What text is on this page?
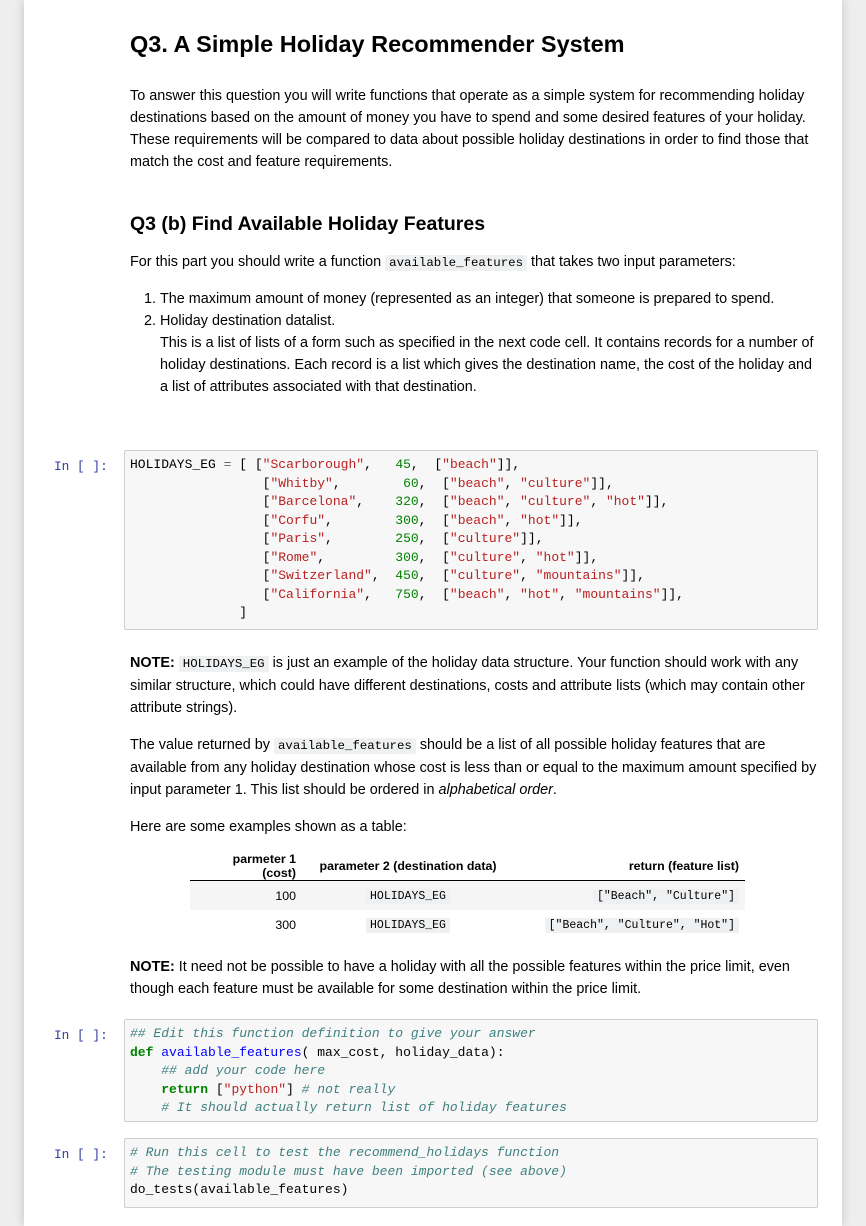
Q3. A Simple Holiday Recommender System

To answer this question you will write functions that operate as a simple system for recommending holiday destinations based on the amount of money you have to spend and some desired features of your holiday. These requirements will be compared to data about possible holiday destinations in order to find those that match the cost and feature requirements.

Q3 (b) Find Available Holiday Features

For this part you should write a function available_features that takes two input parameters:

1. The maximum amount of money (represented as an integer) that someone is prepared to spend.
2. Holiday destination datalist.
This is a list of lists of a form such as specified in the next code cell. It contains records for a number of holiday destinations. Each record is a list which gives the destination name, the cost of the holiday and a list of attributes associated with that destination.
In [ ]:	HOLIDAYS_EG = [ ["Scarborough",   45,  ["beach"]],
["Whitby",        60,  ["beach", "culture"]],
["Barcelona",    320,  ["beach", "culture", "hot"]],
["Corfu",        300,  ["beach", "hot"]],
["Paris",        250,  ["culture"]],
["Rome",         300,  ["culture", "hot"]],
["Switzerland",  450,  ["culture", "mountains"]],
["California",   750,  ["beach", "hot", "mountains"]],
]

NOTE: HOLIDAYS_EG is just an example of the holiday data structure. Your function should work with any similar structure, which could have different destinations, costs and attribute lists (which may contain other attribute strings).

The value returned by available_features should be a list of all possible holiday features that are available from any holiday destination whose cost is less than or equal to the maximum amount specified by input parameter 1. This list should be ordered in alphabetical order.

Here are some examples shown as a table:

parmeter 1 (cost)	parameter 2 (destination data)	return (feature list)
100	HOLIDAYS_EG	["Beach", "Culture"]
300	HOLIDAYS_EG	["Beach", "Culture", "Hot"]

NOTE: It need not be possible to have a holiday with all the possible features within the price limit, even though each feature must be available for some destination within the price limit.

In [ ]:	## Edit this function definition to give your answer
def available_features( max_cost, holiday_data):
## add your code here
return ["python"] # not really
# It should actually return list of holiday features
In [ ]:	# Run this cell to test the recommend_holidays function
# The testing module must have been imported (see above)
do_tests(available_features)
